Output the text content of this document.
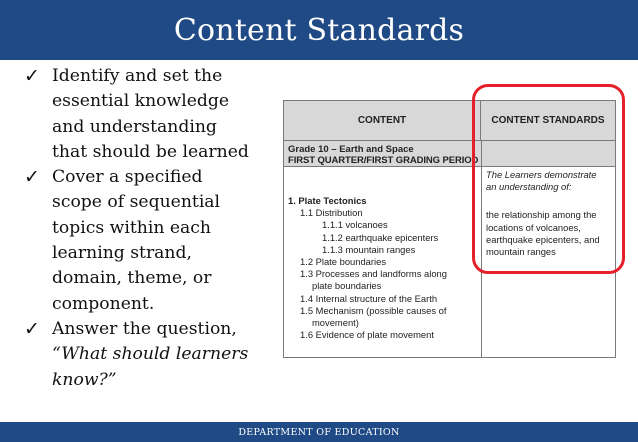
Content Standards
✓ Identify and set the
essential knowledge
and understanding
that should be learned
✓ Cover a specified
scope of sequential
topics within each
learning strand,
domain, theme, or
component.
✓ Answer the question,
“What should learners
know?”
CONTENT	CONTENT STANDARDS
Grade 10 – Earth and Space
FIRST QUARTER/FIRST GRADING PERIOD
1. Plate Tectonics
1.1 Distribution
1.1.1 volcanoes
1.1.2 earthquake epicenters
1.1.3 mountain ranges
1.2 Plate boundaries
1.3 Processes and landforms along
plate boundaries
1.4 Internal structure of the Earth
1.5 Mechanism (possible causes of
movement)
1.6 Evidence of plate movement
The Learners demonstrate
an understanding of:
the relationship among the
locations of volcanoes,
earthquake epicenters, and
mountain ranges
DEPARTMENT OF EDUCATION
